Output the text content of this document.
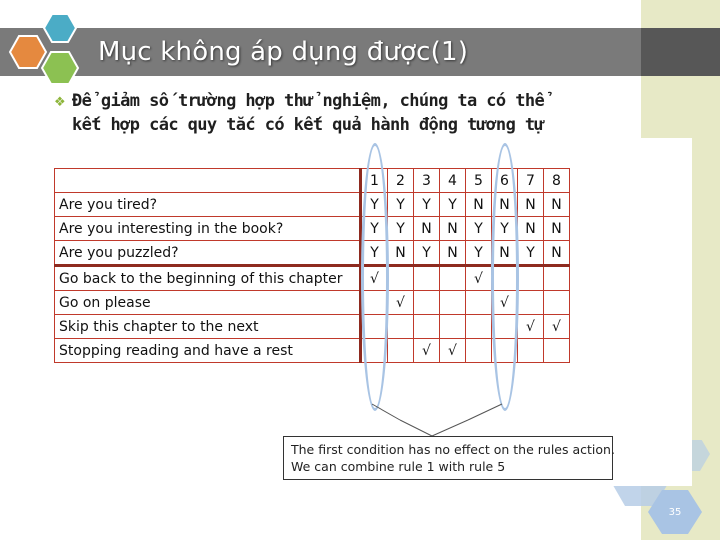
35
Mục không áp dụng được(1)
❖ Để giảm số trường hợp thử nghiệm, chúng ta có thể
kết hợp các quy tắc có kết quả hành động tương tự
	1	2	3	4	5	6	7	8
Are you tired?	Y	Y	Y	Y	N	N	N	N
Are you interesting in the book?	Y	Y	N	N	Y	Y	N	N
Are you puzzled?	Y	N	Y	N	Y	N	Y	N
Go back to the beginning of this chapter	√				√			
Go on please		√				√		
Skip this chapter to the next							√	√
Stopping reading and have a rest			√	√				
The first condition has no effect on the rules action.
We can combine rule 1 with rule 5
